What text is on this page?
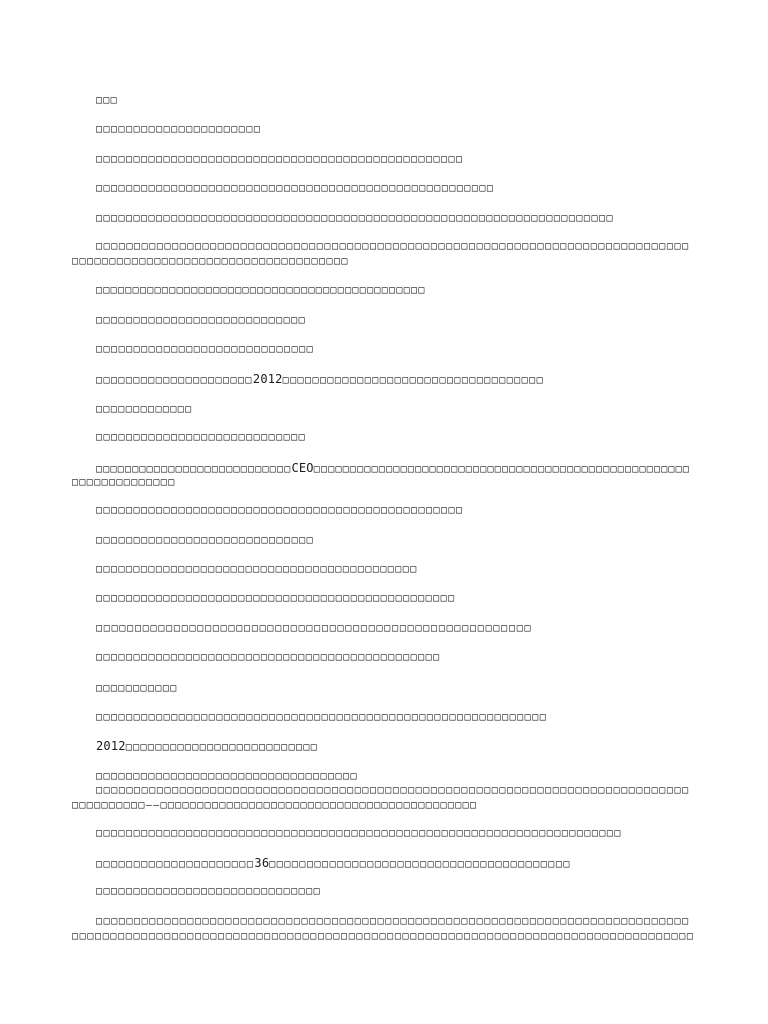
□□□

□□□□□□□□□□□□□□□□□□□□□□

□□□□□□□□□□□□□□□□□□□□□□□□□□□□□□□□□□□□□□□□□□□□□□□□□

□□□□□□□□□□□□□□□□□□□□□□□□□□□□□□□□□□□□□□□□□□□□□□□□□□□□□

□□□□□□□□□□□□□□□□□□□□□□□□□□□□□□□□□□□□□□□□□□□□□□□□□□□□□□□□□□□□□□□□□□□□□

□□□□□□□□□□□□□□□□□□□□□□□□□□□□□□□□□□□□□□□□□□□□□□□□□□□□□□□□□□□□□□□□□□□□□□□□□□□□□□

□□□□□□□□□□□□□□□□□□□□□□□□□□□□□□□□□□□□□

□□□□□□□□□□□□□□□□□□□□□□□□□□□□□□□□□□□□□□□□□□□□□

□□□□□□□□□□□□□□□□□□□□□□□□□□□□

□□□□□□□□□□□□□□□□□□□□□□□□□□□□□

□□□□□□□□□□□□□□□□□□□□□2012□□□□□□□□□□□□□□□□□□□□□□□□□□□□□□□□□□□

□□□□□□□□□□□□□

□□□□□□□□□□□□□□□□□□□□□□□□□□□□

□□□□□□□□□□□□□□□□□□□□□□□□□□□CEO□□□□□□□□□□□□□□□□□□□□□□□□□□□□□□□□□□□□□□□□□□□□□□□□□□□□

□□□□□□□□□□□□□□

□□□□□□□□□□□□□□□□□□□□□□□□□□□□□□□□□□□□□□□□□□□□□□□□□

□□□□□□□□□□□□□□□□□□□□□□□□□□□□□

□□□□□□□□□□□□□□□□□□□□□□□□□□□□□□□□□□□□□□□□□□□

□□□□□□□□□□□□□□□□□□□□□□□□□□□□□□□□□□□□□□□□□□□□□□□□

□□□□□□□□□□□□□□□□□□□□□□□□□□□□□□□□□□□□□□□□□□□□□□□□□□□□□□□□

□□□□□□□□□□□□□□□□□□□□□□□□□□□□□□□□□□□□□□□□□□□□□□

□□□□□□□□□□□

□□□□□□□□□□□□□□□□□□□□□□□□□□□□□□□□□□□□□□□□□□□□□□□□□□□□□□□□□□□□

2012□□□□□□□□□□□□□□□□□□□□□□□□□□

□□□□□□□□□□□□□□□□□□□□□□□□□□□□□□□□□□□

□□□□□□□□□□□□□□□□□□□□□□□□□□□□□□□□□□□□□□□□□□□□□□□□□□□□□□□□□□□□□□□□□□□□□□□□□□□□□□

□□□□□□□□□□——□□□□□□□□□□□□□□□□□□□□□□□□□□□□□□□□□□□□□□□□□□□

□□□□□□□□□□□□□□□□□□□□□□□□□□□□□□□□□□□□□□□□□□□□□□□□□□□□□□□□□□□□□□□□□□□□□□

□□□□□□□□□□□□□□□□□□□□□36□□□□□□□□□□□□□□□□□□□□□□□□□□□□□□□□□□□□□□□□

□□□□□□□□□□□□□□□□□□□□□□□□□□□□□□

□□□□□□□□□□□□□□□□□□□□□□□□□□□□□□□□□□□□□□□□□□□□□□□□□□□□□□□□□□□□□□□□□□□□□□□□□□□□□□

□□□□□□□□□□□□□□□□□□□□□□□□□□□□□□□□□□□□□□□□□□□□□□□□□□□□□□□□□□□□□□□□□□□□□□□□□□□□□□□□□
